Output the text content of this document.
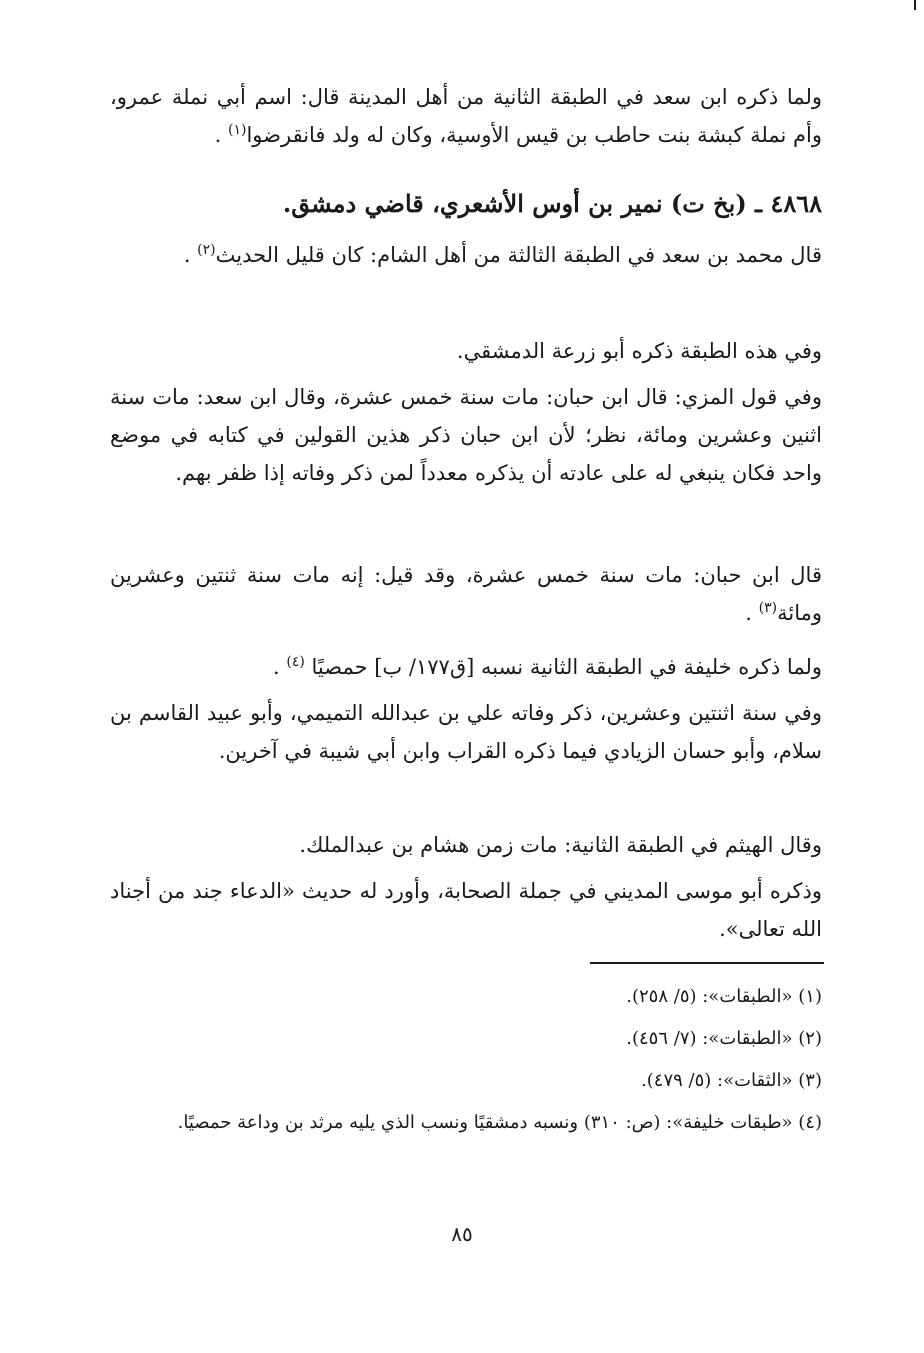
ولما ذكره ابن سعد في الطبقة الثانية من أهل المدينة قال: اسم أبي نملة عمرو، وأم نملة كبشة بنت حاطب بن قيس الأوسية، وكان له ولد فانقرضوا$^{(١)}$ .
٤٨٦٨ ـ (بخ ت) نمير بن أوس الأشعري، قاضي دمشق.
قال محمد بن سعد في الطبقة الثالثة من أهل الشام: كان قليل الحديث$^{(٢)}$ .
وفي هذه الطبقة ذكره أبو زرعة الدمشقي.
وفي قول المزي: قال ابن حبان: مات سنة خمس عشرة، وقال ابن سعد: مات سنة اثنين وعشرين ومائة، نظر؛ لأن ابن حبان ذكر هذين القولين في كتابه في موضع واحد فكان ينبغي له على عادته أن يذكره معدداً لمن ذكر وفاته إذا ظفر بهم.
قال ابن حبان: مات سنة خمس عشرة، وقد قيل: إنه مات سنة ثنتين وعشرين ومائة$^{(٣)}$ .
ولما ذكره خليفة في الطبقة الثانية نسبه [ق١٧٧/ ب] حمصيًا $^{(٤)}$ .
وفي سنة اثنتين وعشرين، ذكر وفاته علي بن عبدالله التميمي، وأبو عبيد القاسم بن سلام، وأبو حسان الزيادي فيما ذكره القراب وابن أبي شيبة في آخرين.
وقال الهيثم في الطبقة الثانية: مات زمن هشام بن عبدالملك.
وذكره أبو موسى المديني في جملة الصحابة، وأورد له حديث «الدعاء جند من أجناد الله تعالى».
(١) «الطبقات»: (٥/ ٢٥٨).
(٢) «الطبقات»: (٧/ ٤٥٦).
(٣) «الثقات»: (٥/ ٤٧٩).
(٤) «طبقات خليفة»: (ص: ٣١٠) ونسبه دمشقيًا ونسب الذي يليه مرثد بن وداعة حمصيًا.
٨٥
